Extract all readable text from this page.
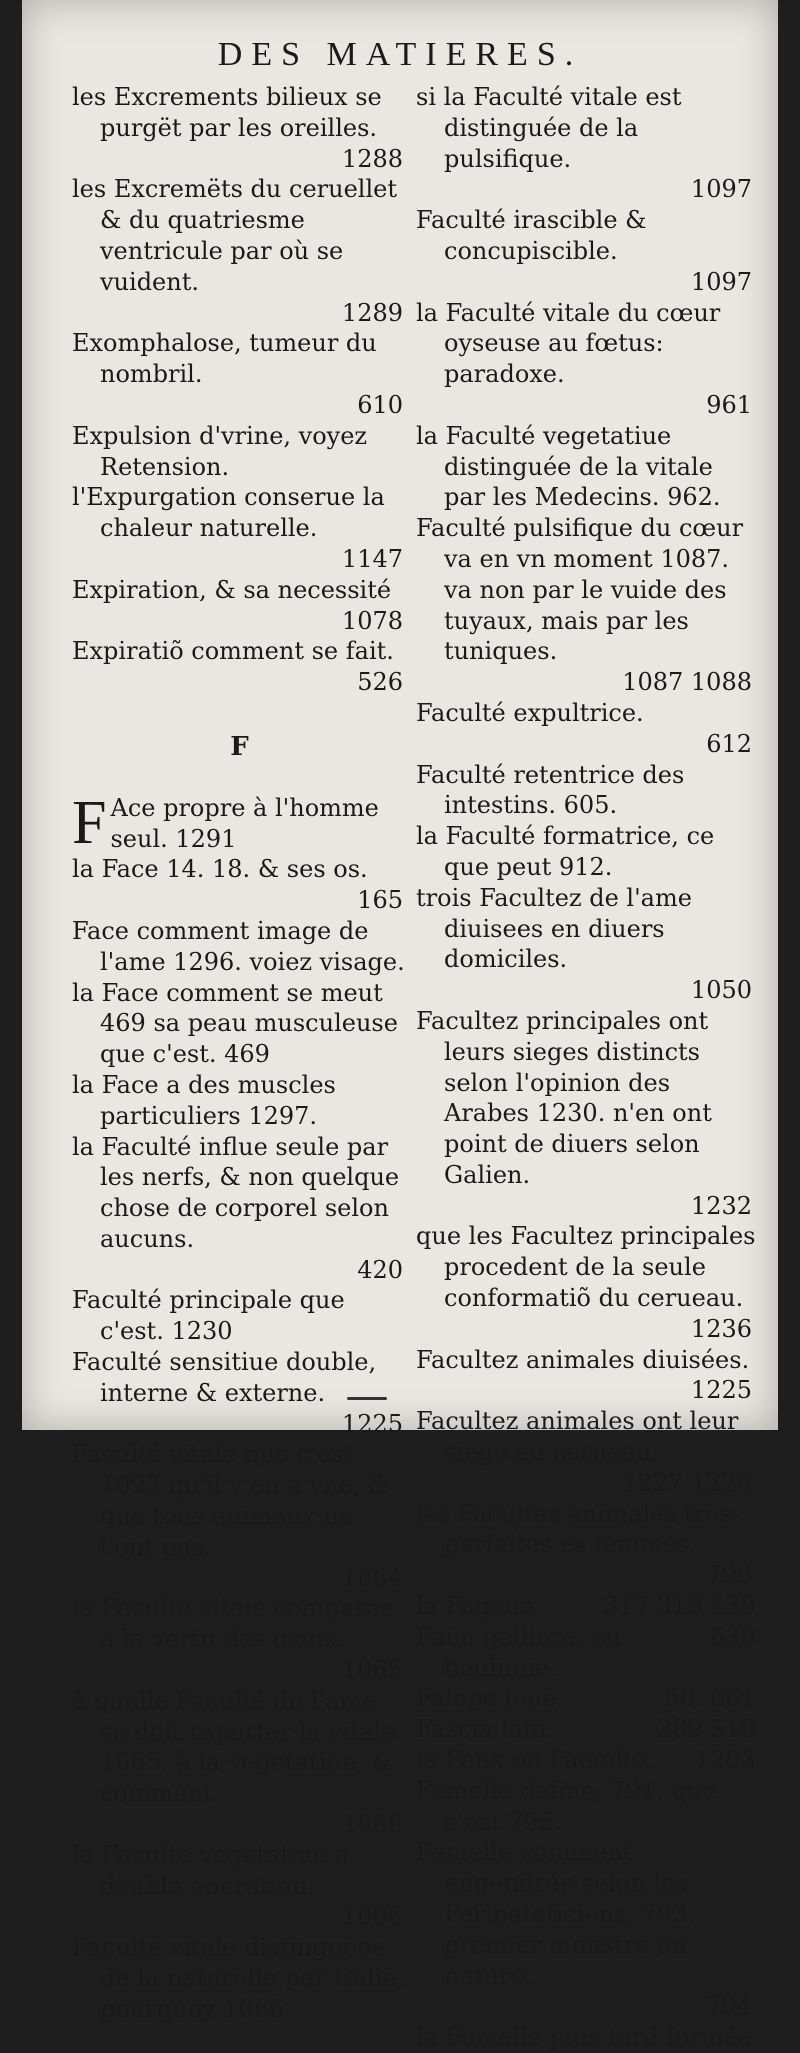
DES MATIERES.
les Excrements bilieux se purgët par les oreilles.
1288
les Excremëts du ceruellet & du quatriesme ventricule par où se vuident.
1289
Exomphalose, tumeur du nombril.
610
Expulsion d'vrine, voyez Retension.
l'Expurgation conserue la chaleur naturelle.
1147
Expiration, & sa necessité
1078
Expiratiõ comment se fait.
526
F
F Ace propre à l'homme seul. 1291
la Face 14. 18. & ses os.
165
Face comment image de l'ame 1296. voiez visage.
la Face comment se meut 469 sa peau musculeuse que c'est. 469
la Face a des muscles particuliers 1297.
la Faculté influe seule par les nerfs, & non quelque chose de corporel selon aucuns.
420
Faculté principale que c'est. 1230
Faculté sensitiue double, interne & externe.
1225
Faculté vitale que c'est 1093 qu'il y en a vne, & que tous animaux ne l'ont pas.
1064
la Faculté vitale comparee à la vertu des cieux.
1065
à quelle Faculté de l'ame se doit raporter la vitale 1065. à la vegetatiue, & comment.
1066
la Faculté vegetatiue a double operation.
1066
Faculté vitale distinguéee de la naturelle par Galië, pourquoy 1066.
si la Faculté vitale est distinguée de la pulsifique.
1097
Faculté irascible & concupiscible.
1097
la Faculté vitale du cœur oyseuse au fœtus: paradoxe.
961
la Faculté vegetatiue distinguée de la vitale par les Medecins. 962.
Faculté pulsifique du cœur va en vn moment 1087. va non par le vuide des tuyaux, mais par les tuniques.
1087 1088
Faculté expultrice.
612
Faculté retentrice des intestins. 605.
la Faculté formatrice, ce que peut 912.
trois Facultez de l'ame diuisees en diuers domiciles.
1050
Facultez principales ont leurs sieges distincts selon l'opinion des Arabes 1230. n'en ont point de diuers selon Galien.
1232
que les Facultez principales procedent de la seule conformatiõ du cerueau.
1236
Facultez animales diuisées.
1225
Facultez animales ont leur siege au cerueau.
1227 1226
les Facultez animales tres-parfaites es femmes.
799
317 319 439
la Fagoue
630
Faim galliere, ou boulimie.
50. 661
Falope loué.
289 510
Fascia lata.
1203
la Faux ou Faucille.
Femelle define, 791. que c'est 795.
Femelle comment engendrée selon les Peripateticiens, 793. premier monstre en nature.
794
la Femelle plus tard formée
